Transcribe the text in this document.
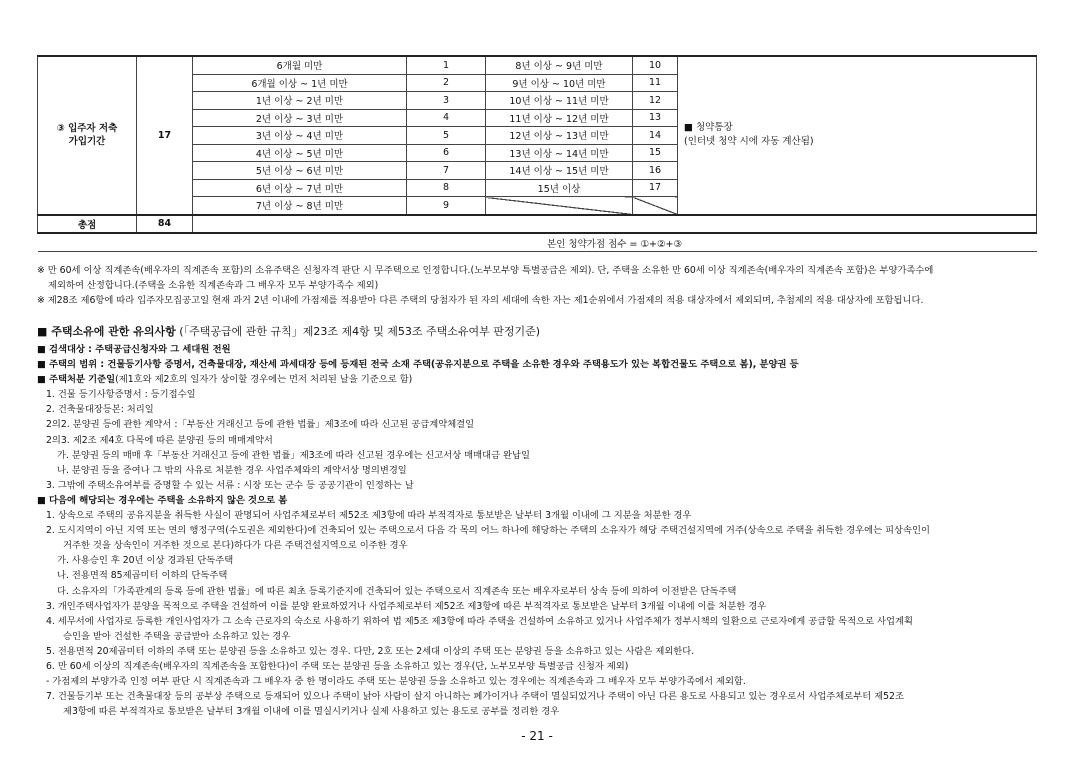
③ 입주자 저축
가입기간	17	6개월 미만	1	8년 이상 ~ 9년 미만	10	■ 청약통장
(인터넷 청약 시에 자동 계산됨)
		6개월 이상 ~ 1년 미만	2	9년 이상 ~ 10년 미만	11	
		1년 이상 ~ 2년 미만	3	10년 이상 ~ 11년 미만	12	
		2년 이상 ~ 3년 미만	4	11년 이상 ~ 12년 미만	13	
		3년 이상 ~ 4년 미만	5	12년 이상 ~ 13년 미만	14	
		4년 이상 ~ 5년 미만	6	13년 이상 ~ 14년 미만	15	
		5년 이상 ~ 6년 미만	7	14년 이상 ~ 15년 미만	16	
		6년 이상 ~ 7년 미만	8	15년 이상	17	
		7년 이상 ~ 8년 미만	9			
총점	84					
		본인 청약가점 점수 = ①+②+③				

※ 만 60세 이상 직계존속(배우자의 직계존속 포함)의 소유주택은 신청자격 판단 시 무주택으로 인정합니다.(노부모부양 특별공급은 제외). 단, 주택을 소유한 만 60세 이상 직계존속(배우자의 직계존속 포함)은 부양가족수에

제외하여 산정합니다.(주택을 소유한 직계존속과 그 배우자 모두 부양가족수 제외)

※ 제28조 제6항에 따라 입주자모집공고일 현재 과거 2년 이내에 가점제를 적용받아 다른 주택의 당첨자가 된 자의 세대에 속한 자는 제1순위에서 가점제의 적용 대상자에서 제외되며, 추첨제의 적용 대상자에 포함됩니다.

■ 주택소유에 관한 유의사항 (「주택공급에 관한 규칙」제23조 제4항 및 제53조 주택소유여부 판정기준)

■ 검색대상 : 주택공급신청자와 그 세대원 전원

■ 주택의 범위 : 건물등기사항 증명서, 건축물대장, 재산세 과세대장 등에 등재된 전국 소재 주택(공유지분으로 주택을 소유한 경우와 주택용도가 있는 복합건물도 주택으로 봄), 분양권 등

■ 주택처분 기준일(제1호와 제2호의 일자가 상이할 경우에는 먼저 처리된 날을 기준으로 함)

1. 건물 등기사항증명서 : 등기접수일

2. 건축물대장등본: 처리일

2의2. 분양권 등에 관한 계약서 :「부동산 거래신고 등에 관한 법률」제3조에 따라 신고된 공급계약체결일

2의3. 제2조 제4호 다목에 따른 분양권 등의 매매계약서

가. 분양권 등의 매매 후「부동산 거래신고 등에 관한 법률」제3조에 따라 신고된 경우에는 신고서상 매매대금 완납일

나. 분양권 등을 증여나 그 밖의 사유로 처분한 경우 사업주체와의 계약서상 명의변경일

3. 그밖에 주택소유여부를 증명할 수 있는 서류 : 시장 또는 군수 등 공공기관이 인정하는 날

■ 다음에 해당되는 경우에는 주택을 소유하지 않은 것으로 봄

1. 상속으로 주택의 공유지분을 취득한 사실이 판명되어 사업주체로부터 제52조 제3항에 따라 부적격자로 통보받은 날부터 3개월 이내에 그 지분을 처분한 경우

2. 도시지역이 아닌 지역 또는 면의 행정구역(수도권은 제외한다)에 건축되어 있는 주택으로서 다음 각 목의 어느 하나에 해당하는 주택의 소유자가 해당 주택건설지역에 거주(상속으로 주택을 취득한 경우에는 피상속인이

거주한 것을 상속인이 거주한 것으로 본다)하다가 다른 주택건설지역으로 이주한 경우

가. 사용승인 후 20년 이상 경과된 단독주택

나. 전용면적 85제곱미터 이하의 단독주택

다. 소유자의「가족관계의 등록 등에 관한 법률」에 따른 최초 등록기준지에 건축되어 있는 주택으로서 직계존속 또는 배우자로부터 상속 등에 의하여 이전받은 단독주택

3. 개인주택사업자가 분양을 목적으로 주택을 건설하여 이를 분양 완료하였거나 사업주체로부터 제52조 제3항에 따른 부적격자로 통보받은 날부터 3개월 이내에 이를 처분한 경우

4. 세무서에 사업자로 등록한 개인사업자가 그 소속 근로자의 숙소로 사용하기 위하여 법 제5조 제3항에 따라 주택을 건설하여 소유하고 있거나 사업주체가 정부시책의 일환으로 근로자에게 공급할 목적으로 사업계획

승인을 받아 건설한 주택을 공급받아 소유하고 있는 경우

5. 전용면적 20제곱미터 이하의 주택 또는 분양권 등을 소유하고 있는 경우. 다만, 2호 또는 2세대 이상의 주택 또는 분양권 등을 소유하고 있는 사람은 제외한다.

6. 만 60세 이상의 직계존속(배우자의 직계존속을 포함한다)이 주택 또는 분양권 등을 소유하고 있는 경우(단, 노부모부양 특별공급 신청자 제외)

- 가점제의 부양가족 인정 여부 판단 시 직계존속과 그 배우자 중 한 명이라도 주택 또는 분양권 등을 소유하고 있는 경우에는 직계존속과 그 배우자 모두 부양가족에서 제외함.

7. 건물등기부 또는 건축물대장 등의 공부상 주택으로 등재되어 있으나 주택이 낡아 사람이 살지 아니하는 폐가이거나 주택이 멸실되었거나 주택이 아닌 다른 용도로 사용되고 있는 경우로서 사업주체로부터 제52조

제3항에 따른 부적격자로 통보받은 날부터 3개월 이내에 이를 멸실시키거나 실제 사용하고 있는 용도로 공부를 정리한 경우

- 21 -
